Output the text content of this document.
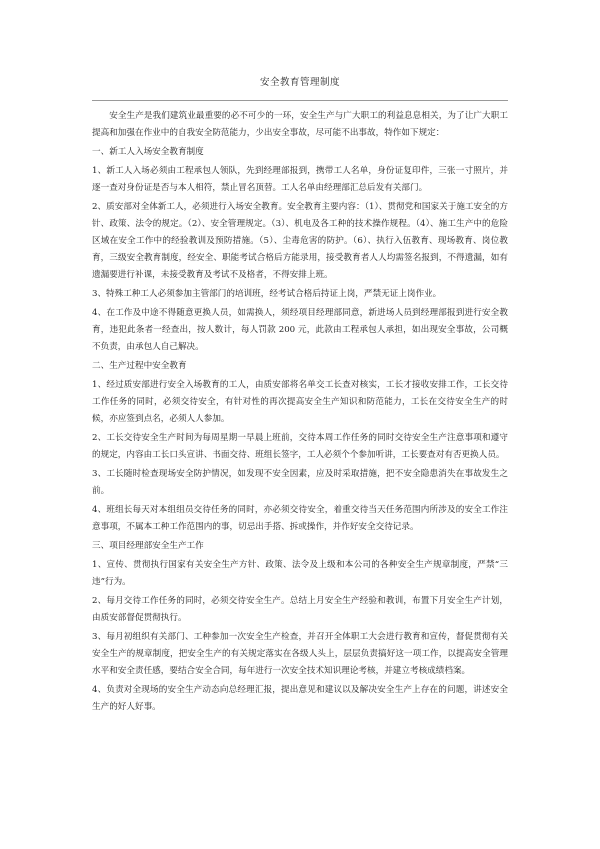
安全教育管理制度

安全生产是我们建筑业最重要的必不可少的一环，安全生产与广大职工的利益息息相关，为了让广大职工提高和加强在作业中的自我安全防范能力，少出安全事故，尽可能不出事故，特作如下规定：

一、新工人入场安全教育制度

1、新工人入场必须由工程承包人领队，先到经理部报到，携带工人名单，身份证复印件，三张一寸照片，并逐一查对身份证是否与本人相符，禁止冒名顶替。工人名单由经理部汇总后发有关部门。

2、质安部对全体新工人，必须进行入场安全教育。安全教育主要内容：（1）、贯彻党和国家关于施工安全的方针、政策、法令的规定。（2）、安全管理规定。（3）、机电及各工种的技术操作规程。（4）、施工生产中的危险区域在安全工作中的经验教训及预防措施。（5）、尘毒危害的防护。（6）、执行入伍教育、现场教育、岗位教育，三级安全教育制度，经安全、职能考试合格后方能录用，接受教育者人人均需签名报到，不得遗漏，如有遗漏要进行补课，未接受教育及考试不及格者，不得安排上班。

3、特殊工种工人必须参加主管部门的培训班，经考试合格后持证上岗，严禁无证上岗作业。

4、在工作及中途不得随意更换人员，如需换人，须经项目经理部同意，新进场人员到经理部报到进行安全教育，违犯此条者一经查出，按人数计，每人罚款 200 元，此款由工程承包人承担，如出现安全事故，公司概不负责，由承包人自己解决。

二、生产过程中安全教育

1、经过质安部进行安全入场教育的工人，由质安部将名单交工长查对核实，工长才接收安排工作，工长交待工作任务的同时，必须交待安全，有针对性的再次提高安全生产知识和防范能力，工长在交待安全生产的时候，亦应签到点名，必须人人参加。

2、工长交待安全生产时间为每周星期一早晨上班前，交待本周工作任务的同时交待安全生产注意事项和遵守的规定，内容由工长口头宣讲、书面交待、班组长签字，工人必须个个参加听讲，工长要查对有否更换人员。

3、工长随时检查现场安全防护情况，如发现不安全因素，应及时采取措施，把不安全隐患消失在事故发生之前。

4、班组长每天对本组组员交待任务的同时，亦必须交待安全，着重交待当天任务范围内所涉及的安全工作注意事项，不属本工种工作范围内的事，切忌出手搭、拆或操作，并作好安全交待记录。

三、项目经理部安全生产工作

1、宣传、贯彻执行国家有关安全生产方针、政策、法令及上级和本公司的各种安全生产规章制度，严禁“三违”行为。

2、每月交待工作任务的同时，必须交待安全生产。总结上月安全生产经验和教训，布置下月安全生产计划，由质安部督促贯彻执行。

3、每月初组织有关部门、工种参加一次安全生产检查，并召开全体职工大会进行教育和宣传，督促贯彻有关安全生产的规章制度，把安全生产的有关规定落实在各级人头上，层层负责搞好这一项工作，以提高安全管理水平和安全责任感，要结合安全合同，每年进行一次安全技术知识理论考核，并建立考核成绩档案。

4、负责对全现场的安全生产动态向总经理汇报，提出意见和建议以及解决安全生产上存在的问题，讲述安全生产的好人好事。
